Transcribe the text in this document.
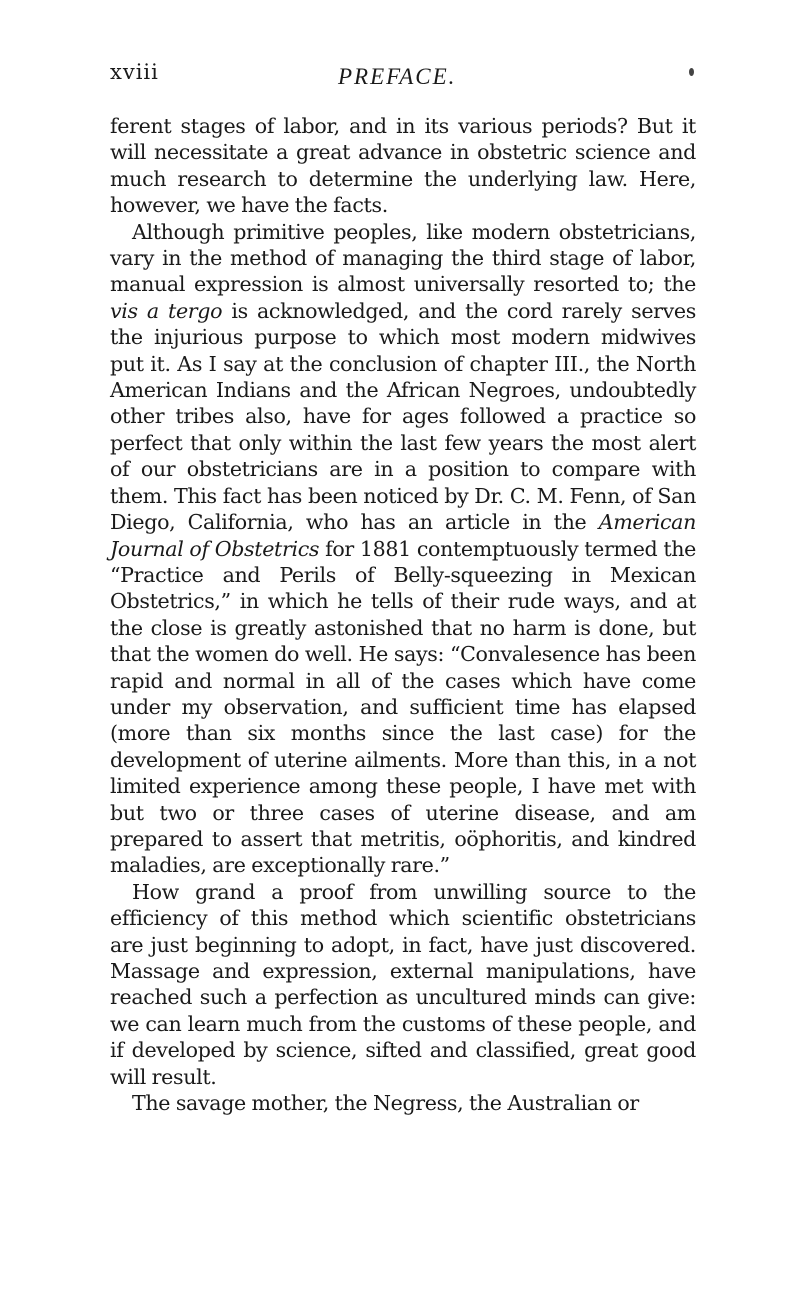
xviii	PREFACE.

ferent stages of labor, and in its various periods? But it will necessitate a great advance in obstetric science and much research to determine the underlying law. Here, however, we have the facts.

Although primitive peoples, like modern obstetricians, vary in the method of managing the third stage of labor, manual expression is almost universally resorted to; the vis a tergo is acknowledged, and the cord rarely serves the injurious purpose to which most modern midwives put it. As I say at the conclusion of chapter III., the North American Indians and the African Negroes, undoubtedly other tribes also, have for ages followed a practice so perfect that only within the last few years the most alert of our obstetricians are in a position to compare with them. This fact has been noticed by Dr. C. M. Fenn, of San Diego, California, who has an article in the American Journal of Obstetrics for 1881 contemptuously termed the “Practice and Perils of Belly-squeezing in Mexican Obstetrics,” in which he tells of their rude ways, and at the close is greatly astonished that no harm is done, but that the women do well. He says: “Convalesence has been rapid and normal in all of the cases which have come under my observation, and sufficient time has elapsed (more than six months since the last case) for the development of uterine ailments. More than this, in a not limited experience among these people, I have met with but two or three cases of uterine disease, and am prepared to assert that metritis, oöphoritis, and kindred maladies, are exceptionally rare.”

How grand a proof from unwilling source to the efficiency of this method which scientific obstetricians are just beginning to adopt, in fact, have just discovered. Massage and expression, external manipulations, have reached such a perfection as uncultured minds can give: we can learn much from the customs of these people, and if developed by science, sifted and classified, great good will result.

The savage mother, the Negress, the Australian or
